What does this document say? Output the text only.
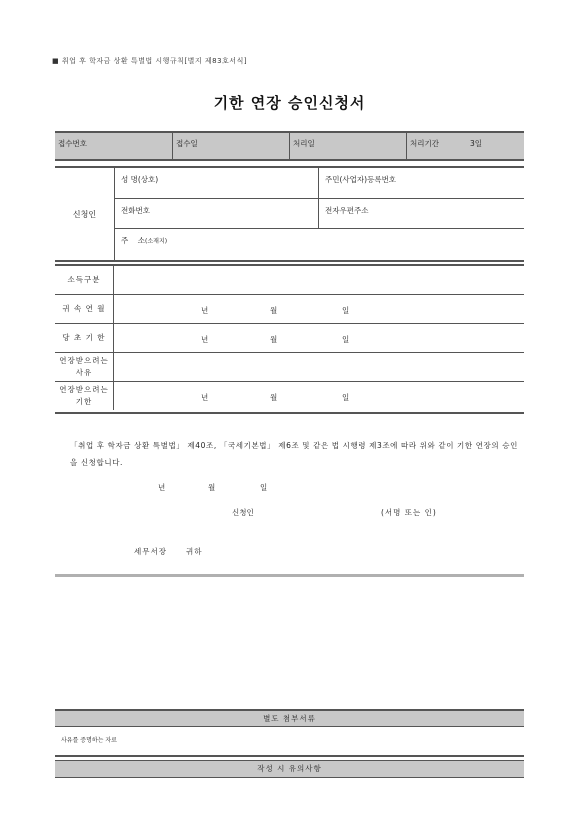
■ 취업 후 학자금 상환 특별법 시행규칙[별지 제83호서식]
기한 연장 승인신청서
접수번호	접수일	처리일	처리기간	3일
신청인
성 명(상호)	주민(사업자)등록번호
전화번호	전자우편주소
주    소(소재지)
소득구분
귀 속 연 월	년	월	일
당 초 기 한	년	월	일
연장받으려는 사유
연장받으려는 기한	년	월	일
「취업 후 학자금 상환 특별법」 제40조, 「국세기본법」 제6조 및 같은 법 시행령 제3조에 따라 위와 같이 기한 연장의 승인을 신청합니다.
년	월	일
신청인	(서명 또는 인)
세무서장	귀하
별도 첨부서류
사유를 증명하는 자료
작성 시 유의사항
